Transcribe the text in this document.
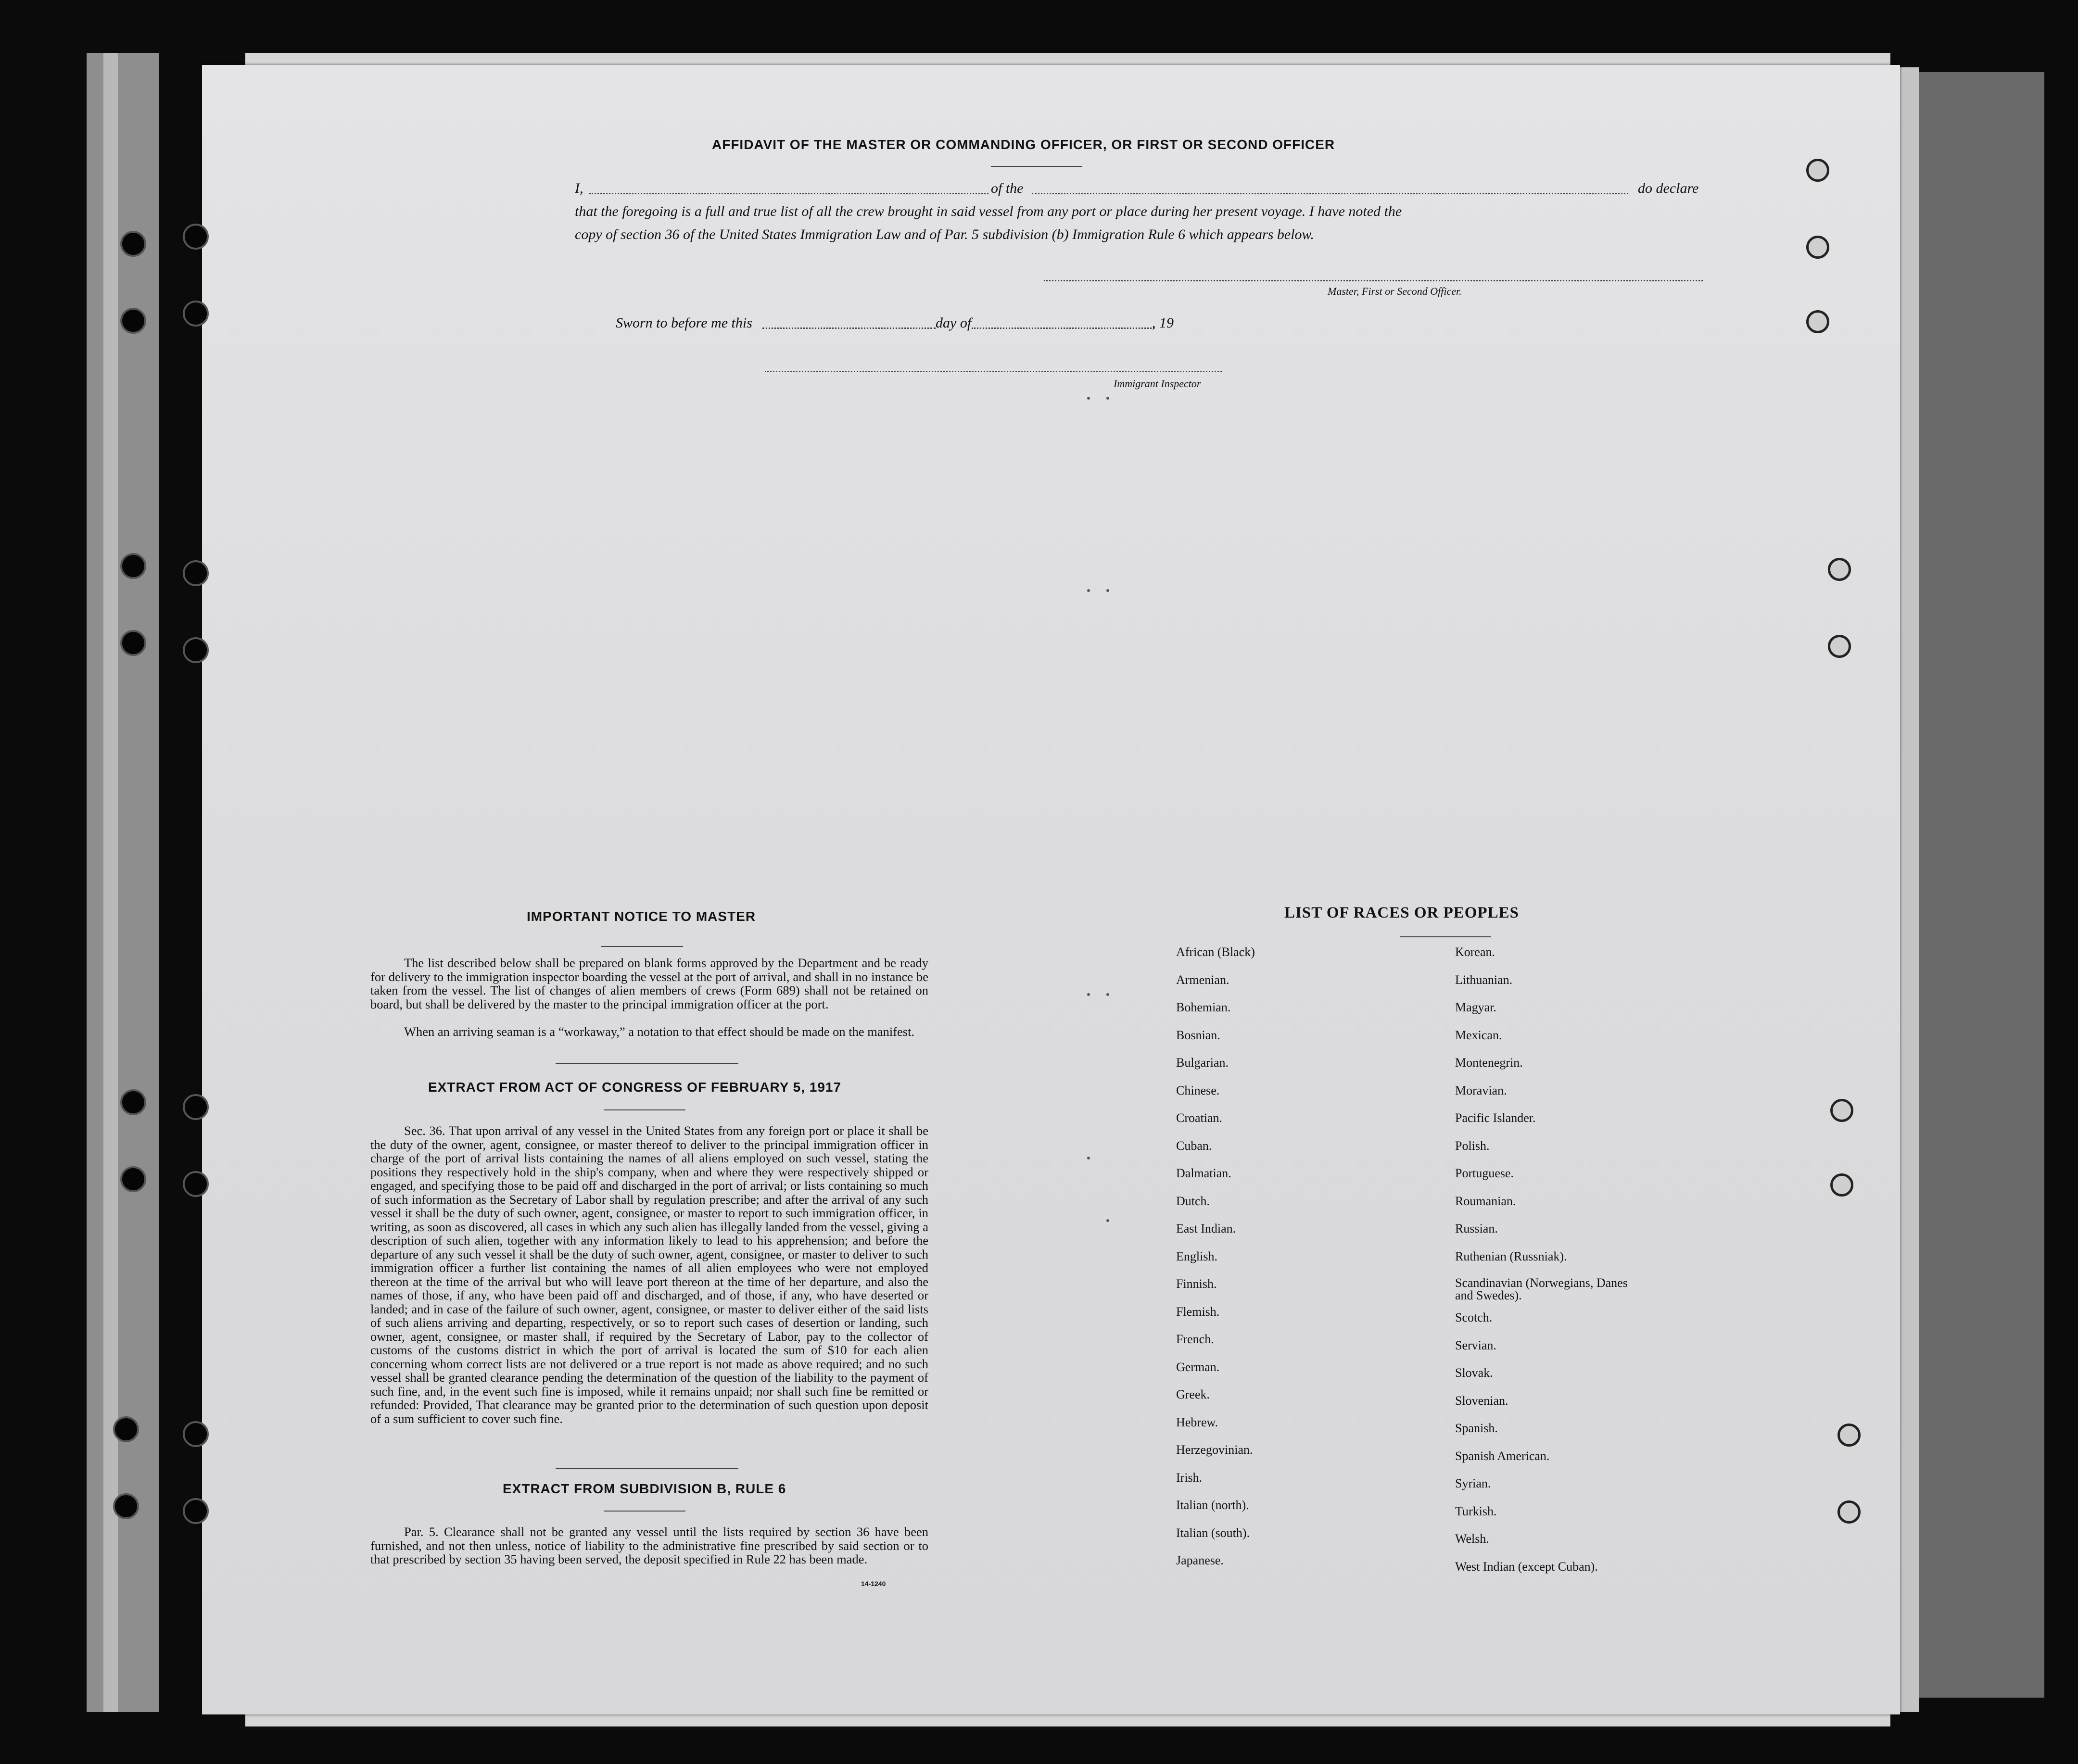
AFFIDAVIT OF THE MASTER OR COMMANDING OFFICER, OR FIRST OR SECOND OFFICER
I,	of the	do declare
that the foregoing is a full and true list of all the crew brought in said vessel from any port or place during her present voyage. I have noted the
copy of section 36 of the United States Immigration Law and of Par. 5 subdivision (b) Immigration Rule 6 which appears below.
Master, First or Second Officer.
Sworn to before me this	day of	, 19
Immigrant Inspector
IMPORTANT NOTICE TO MASTER
The list described below shall be prepared on blank forms approved by the Department and be ready for delivery to the immigration inspector boarding the vessel at the port of arrival, and shall in no instance be taken from the vessel. The list of changes of alien members of crews (Form 689) shall not be retained on board, but shall be delivered by the master to the principal immigration officer at the port.
When an arriving seaman is a “workaway,” a notation to that effect should be made on the manifest.
EXTRACT FROM ACT OF CONGRESS OF FEBRUARY 5, 1917
Sec. 36. That upon arrival of any vessel in the United States from any foreign port or place it shall be the duty of the owner, agent, consignee, or master thereof to deliver to the principal immigration officer in charge of the port of arrival lists containing the names of all aliens employed on such vessel, stating the positions they respectively hold in the ship's company, when and where they were respectively shipped or engaged, and specifying those to be paid off and discharged in the port of arrival; or lists containing so much of such information as the Secretary of Labor shall by regulation prescribe; and after the arrival of any such vessel it shall be the duty of such owner, agent, consignee, or master to report to such immigration officer, in writing, as soon as discovered, all cases in which any such alien has illegally landed from the vessel, giving a description of such alien, together with any information likely to lead to his apprehension; and before the departure of any such vessel it shall be the duty of such owner, agent, consignee, or master to deliver to such immigration officer a further list containing the names of all alien employees who were not employed thereon at the time of the arrival but who will leave port thereon at the time of her departure, and also the names of those, if any, who have been paid off and discharged, and of those, if any, who have deserted or landed; and in case of the failure of such owner, agent, consignee, or master to deliver either of the said lists of such aliens arriving and departing, respectively, or so to report such cases of desertion or landing, such owner, agent, consignee, or master shall, if required by the Secretary of Labor, pay to the collector of customs of the customs district in which the port of arrival is located the sum of $10 for each alien concerning whom correct lists are not delivered or a true report is not made as above required; and no such vessel shall be granted clearance pending the determination of the question of the liability to the payment of such fine, and, in the event such fine is imposed, while it remains unpaid; nor shall such fine be remitted or refunded: Provided, That clearance may be granted prior to the determination of such question upon deposit of a sum sufficient to cover such fine.
EXTRACT FROM SUBDIVISION B, RULE 6
Par. 5. Clearance shall not be granted any vessel until the lists required by section 36 have been furnished, and not then unless, notice of liability to the administrative fine prescribed by said section or to that prescribed by section 35 having been served, the deposit specified in Rule 22 has been made.
14-1240
LIST OF RACES OR PEOPLES
African (Black)
Armenian.
Bohemian.
Bosnian.
Bulgarian.
Chinese.
Croatian.
Cuban.
Dalmatian.
Dutch.
East Indian.
English.
Finnish.
Flemish.
French.
German.
Greek.
Hebrew.
Herzegovinian.
Irish.
Italian (north).
Italian (south).
Japanese.
Korean.
Lithuanian.
Magyar.
Mexican.
Montenegrin.
Moravian.
Pacific Islander.
Polish.
Portuguese.
Roumanian.
Russian.
Ruthenian (Russniak).
Scandinavian (Norwegians, Danes and Swedes).
Scotch.
Servian.
Slovak.
Slovenian.
Spanish.
Spanish American.
Syrian.
Turkish.
Welsh.
West Indian (except Cuban).
